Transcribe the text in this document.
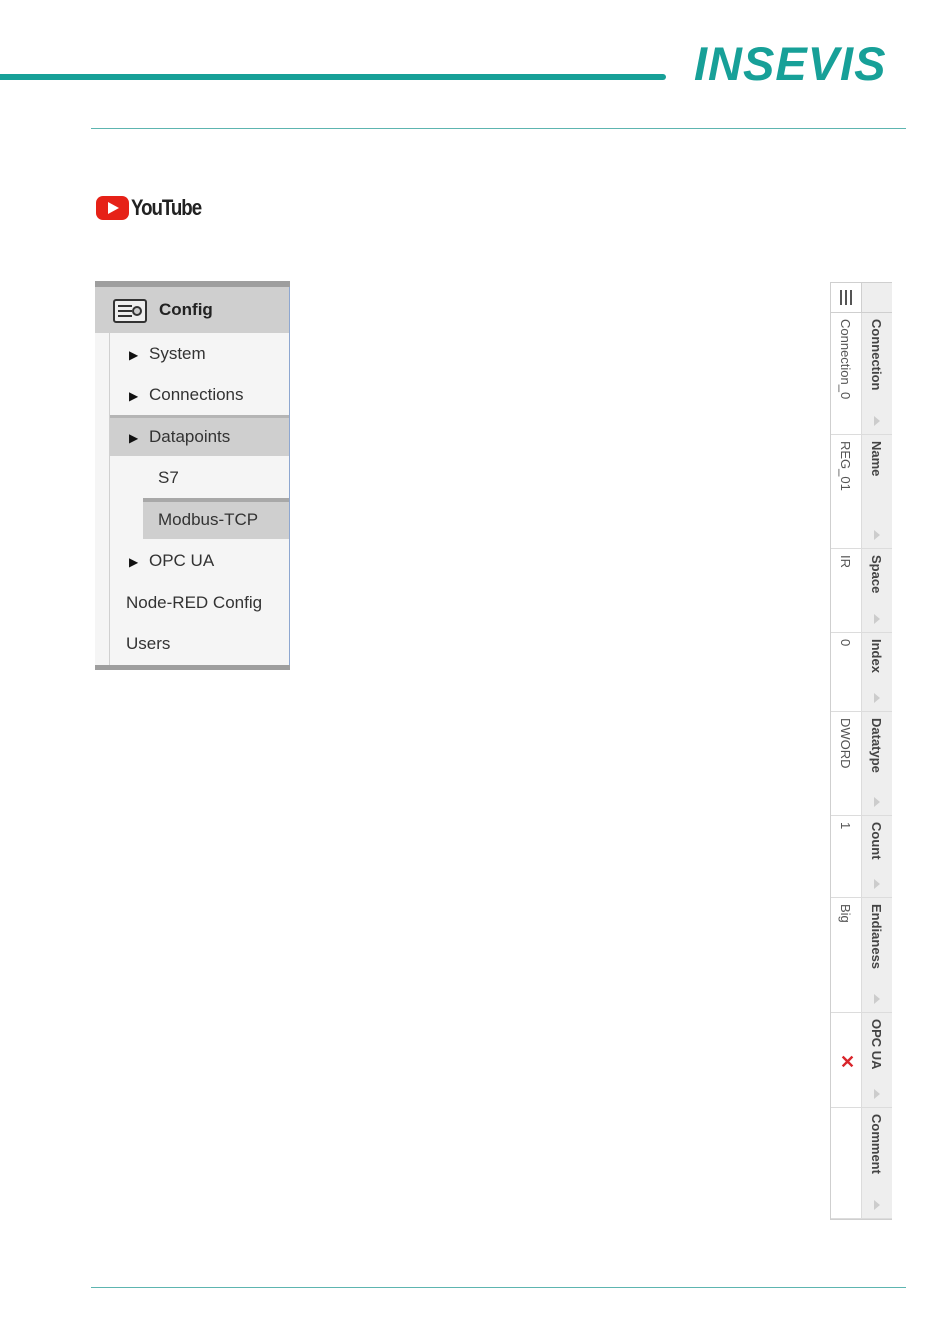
INSEVIS
YouTube
Config
▶ System
▶ Connections
▶ Datapoints
S7
Modbus-TCP
▶ OPC UA
Node-RED Config
Users
Connection_0 Connection
REG_01 Name
IR Space
0 Index
DWORD Datatype
1 Count
Big Endianess
✕ OPC UA
Comment
